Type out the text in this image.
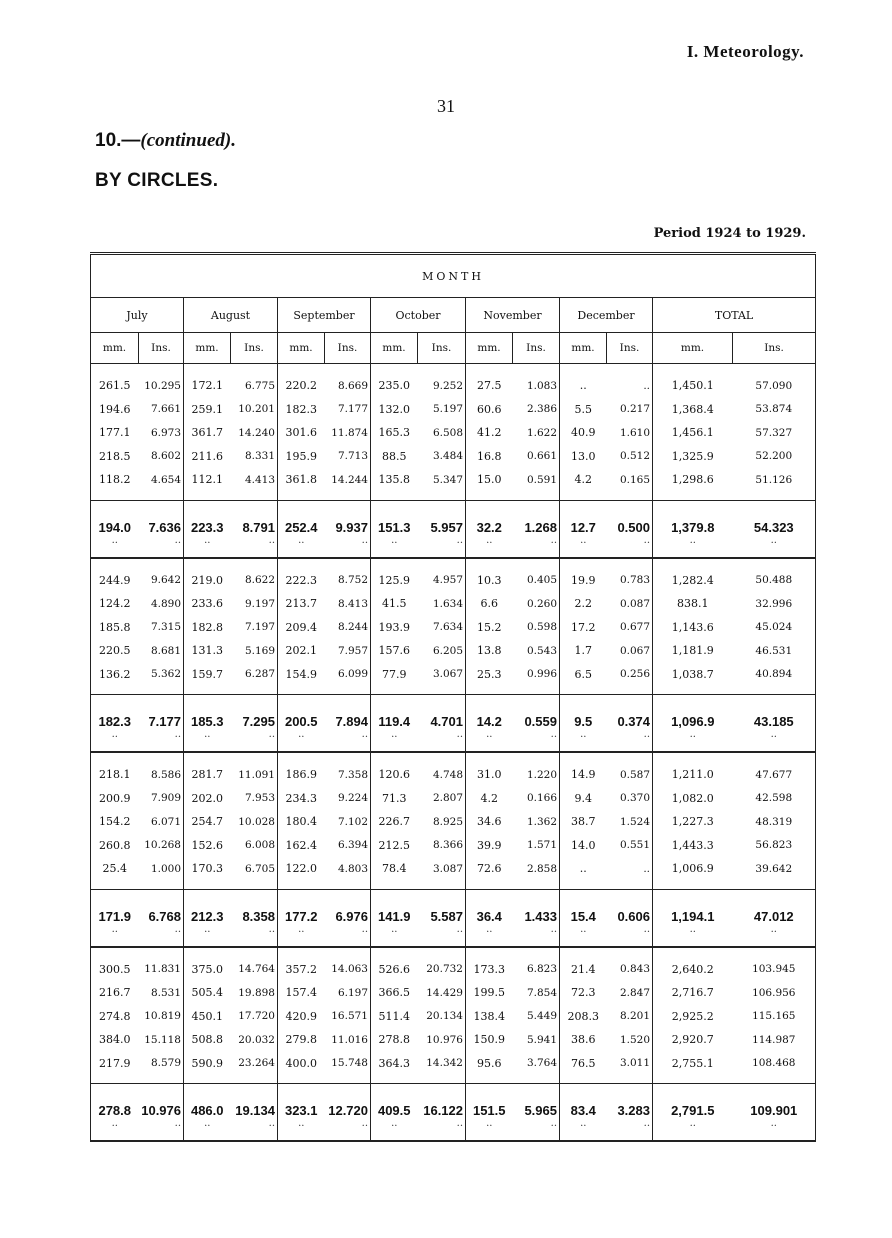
I. Meteorology.
31
10.—(continued).
BY CIRCLES.
Period 1924 to 1929.
MONTH													
July		August		September		October		November		December		TOTAL	
mm.	Ins.	mm.	Ins.	mm.	Ins.	mm.	Ins.	mm.	Ins.	mm.	Ins.	mm.	Ins.
261.5	10.295	172.1	6.775	220.2	8.669	235.0	9.252	27.5	1.083	..	..	1,450.1	57.090
194.6	7.661	259.1	10.201	182.3	7.177	132.0	5.197	60.6	2.386	5.5	0.217	1,368.4	53.874
177.1	6.973	361.7	14.240	301.6	11.874	165.3	6.508	41.2	1.622	40.9	1.610	1,456.1	57.327
218.5	8.602	211.6	8.331	195.9	7.713	88.5	3.484	16.8	0.661	13.0	0.512	1,325.9	52.200
118.2	4.654	112.1	4.413	361.8	14.244	135.8	5.347	15.0	0.591	4.2	0.165	1,298.6	51.126
194.0	7.636	223.3	8.791	252.4	9.937	151.3	5.957	32.2	1.268	12.7	0.500	1,379.8	54.323
..	..	..	..	..	..	..	..	..	..	..	..	..	..
244.9	9.642	219.0	8.622	222.3	8.752	125.9	4.957	10.3	0.405	19.9	0.783	1,282.4	50.488
124.2	4.890	233.6	9.197	213.7	8.413	41.5	1.634	6.6	0.260	2.2	0.087	838.1	32.996
185.8	7.315	182.8	7.197	209.4	8.244	193.9	7.634	15.2	0.598	17.2	0.677	1,143.6	45.024
220.5	8.681	131.3	5.169	202.1	7.957	157.6	6.205	13.8	0.543	1.7	0.067	1,181.9	46.531
136.2	5.362	159.7	6.287	154.9	6.099	77.9	3.067	25.3	0.996	6.5	0.256	1,038.7	40.894
182.3	7.177	185.3	7.295	200.5	7.894	119.4	4.701	14.2	0.559	9.5	0.374	1,096.9	43.185
..	..	..	..	..	..	..	..	..	..	..	..	..	..
218.1	8.586	281.7	11.091	186.9	7.358	120.6	4.748	31.0	1.220	14.9	0.587	1,211.0	47.677
200.9	7.909	202.0	7.953	234.3	9.224	71.3	2.807	4.2	0.166	9.4	0.370	1,082.0	42.598
154.2	6.071	254.7	10.028	180.4	7.102	226.7	8.925	34.6	1.362	38.7	1.524	1,227.3	48.319
260.8	10.268	152.6	6.008	162.4	6.394	212.5	8.366	39.9	1.571	14.0	0.551	1,443.3	56.823
25.4	1.000	170.3	6.705	122.0	4.803	78.4	3.087	72.6	2.858	..	..	1,006.9	39.642
171.9	6.768	212.3	8.358	177.2	6.976	141.9	5.587	36.4	1.433	15.4	0.606	1,194.1	47.012
..	..	..	..	..	..	..	..	..	..	..	..	..	..
300.5	11.831	375.0	14.764	357.2	14.063	526.6	20.732	173.3	6.823	21.4	0.843	2,640.2	103.945
216.7	8.531	505.4	19.898	157.4	6.197	366.5	14.429	199.5	7.854	72.3	2.847	2,716.7	106.956
274.8	10.819	450.1	17.720	420.9	16.571	511.4	20.134	138.4	5.449	208.3	8.201	2,925.2	115.165
384.0	15.118	508.8	20.032	279.8	11.016	278.8	10.976	150.9	5.941	38.6	1.520	2,920.7	114.987
217.9	8.579	590.9	23.264	400.0	15.748	364.3	14.342	95.6	3.764	76.5	3.011	2,755.1	108.468
278.8	10.976	486.0	19.134	323.1	12.720	409.5	16.122	151.5	5.965	83.4	3.283	2,791.5	109.901
..	..	..	..	..	..	..	..	..	..	..	..	..	..
